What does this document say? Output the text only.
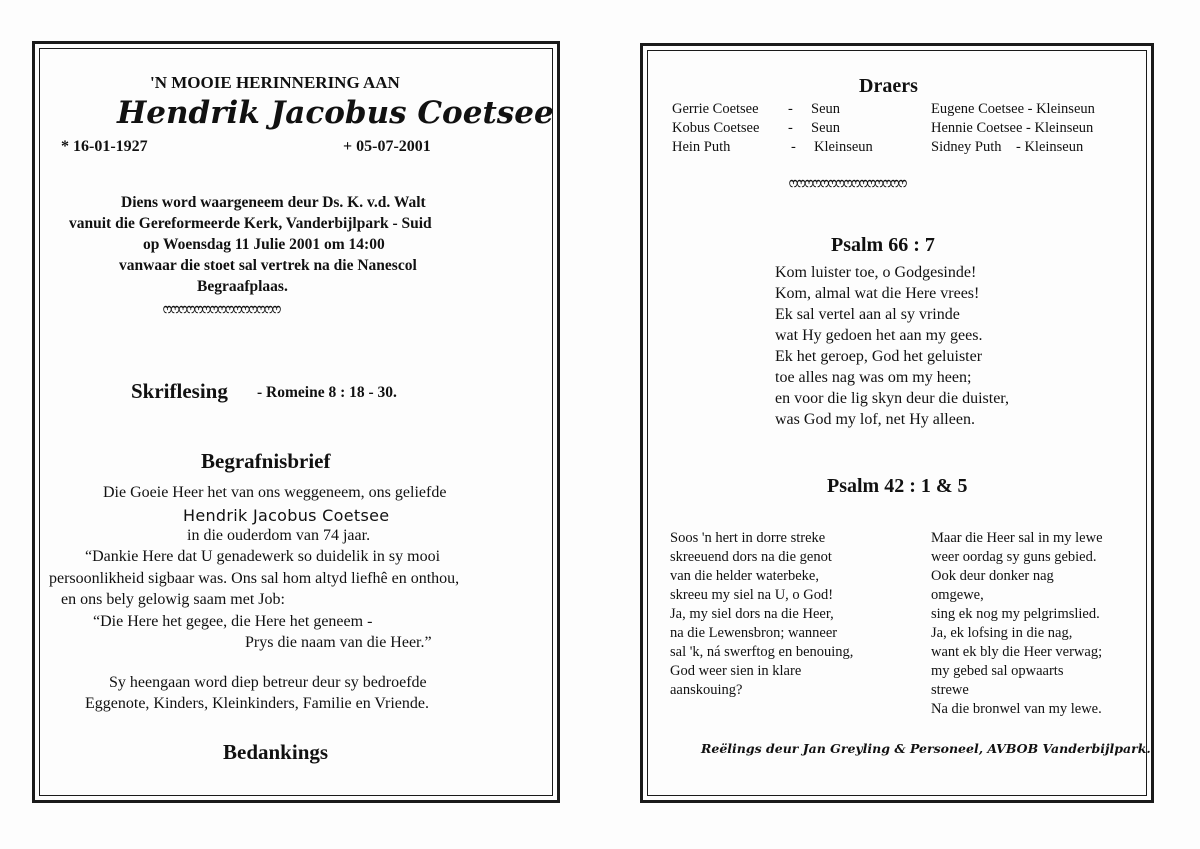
'N MOOIE HERINNERING AAN
Hendrik Jacobus Coetsee
* 16-01-1927	+ 05-07-2001
Diens word waargeneem deur Ds. K. v.d. Walt
vanuit die Gereformeerde Kerk, Vanderbijlpark - Suid
op Woensdag 11 Julie 2001 om 14:00
vanwaar die stoet sal vertrek na die Nanescol
Begraafplaas.
ෆෆෆෆෆෆෆෆෆෆෆෆෆෆෆ
Skriflesing - Romeine 8 : 18 - 30.
Begrafnisbrief
Die Goeie Heer het van ons weggeneem, ons geliefde
Hendrik Jacobus Coetsee
in die ouderdom van 74 jaar.
“Dankie Here dat U genadewerk so duidelik in sy mooi
persoonlikheid sigbaar was. Ons sal hom altyd liefhê en onthou,
en ons bely gelowig saam met Job:
“Die Here het gegee, die Here het geneem -
Prys die naam van die Heer.”
Sy heengaan word diep betreur deur sy bedroefde
Eggenote, Kinders, Kleinkinders, Familie en Vriende.
Bedankings
Draers
Gerrie Coetsee - Seun
Kobus Coetsee - Seun
Hein Puth	- Kleinseun
Eugene Coetsee - Kleinseun
Hennie Coetsee - Kleinseun
Sidney Puth    - Kleinseun
ෆෆෆෆෆෆෆෆෆෆෆෆෆෆෆ
Psalm 66 : 7
Kom luister toe, o Godgesinde!
Kom, almal wat die Here vrees!
Ek sal vertel aan al sy vrinde
wat Hy gedoen het aan my gees.
Ek het geroep, God het geluister
toe alles nag was om my heen;
en voor die lig skyn deur die duister,
was God my lof, net Hy alleen.
Psalm 42 : 1 & 5
Soos 'n hert in dorre streke
skreeuend dors na die genot
van die helder waterbeke,
skreeu my siel na U, o God!
Ja, my siel dors na die Heer,
na die Lewensbron; wanneer
sal 'k, ná swerftog en benouing,
God weer sien in klare
aanskouing?
Maar die Heer sal in my lewe
weer oordag sy guns gebied.
Ook deur donker nag
omgewe,
sing ek nog my pelgrimslied.
Ja, ek lofsing in die nag,
want ek bly die Heer verwag;
my gebed sal opwaarts
strewe
Na die bronwel van my lewe.
Reëlings deur Jan Greyling & Personeel, AVBOB Vanderbijlpark.
